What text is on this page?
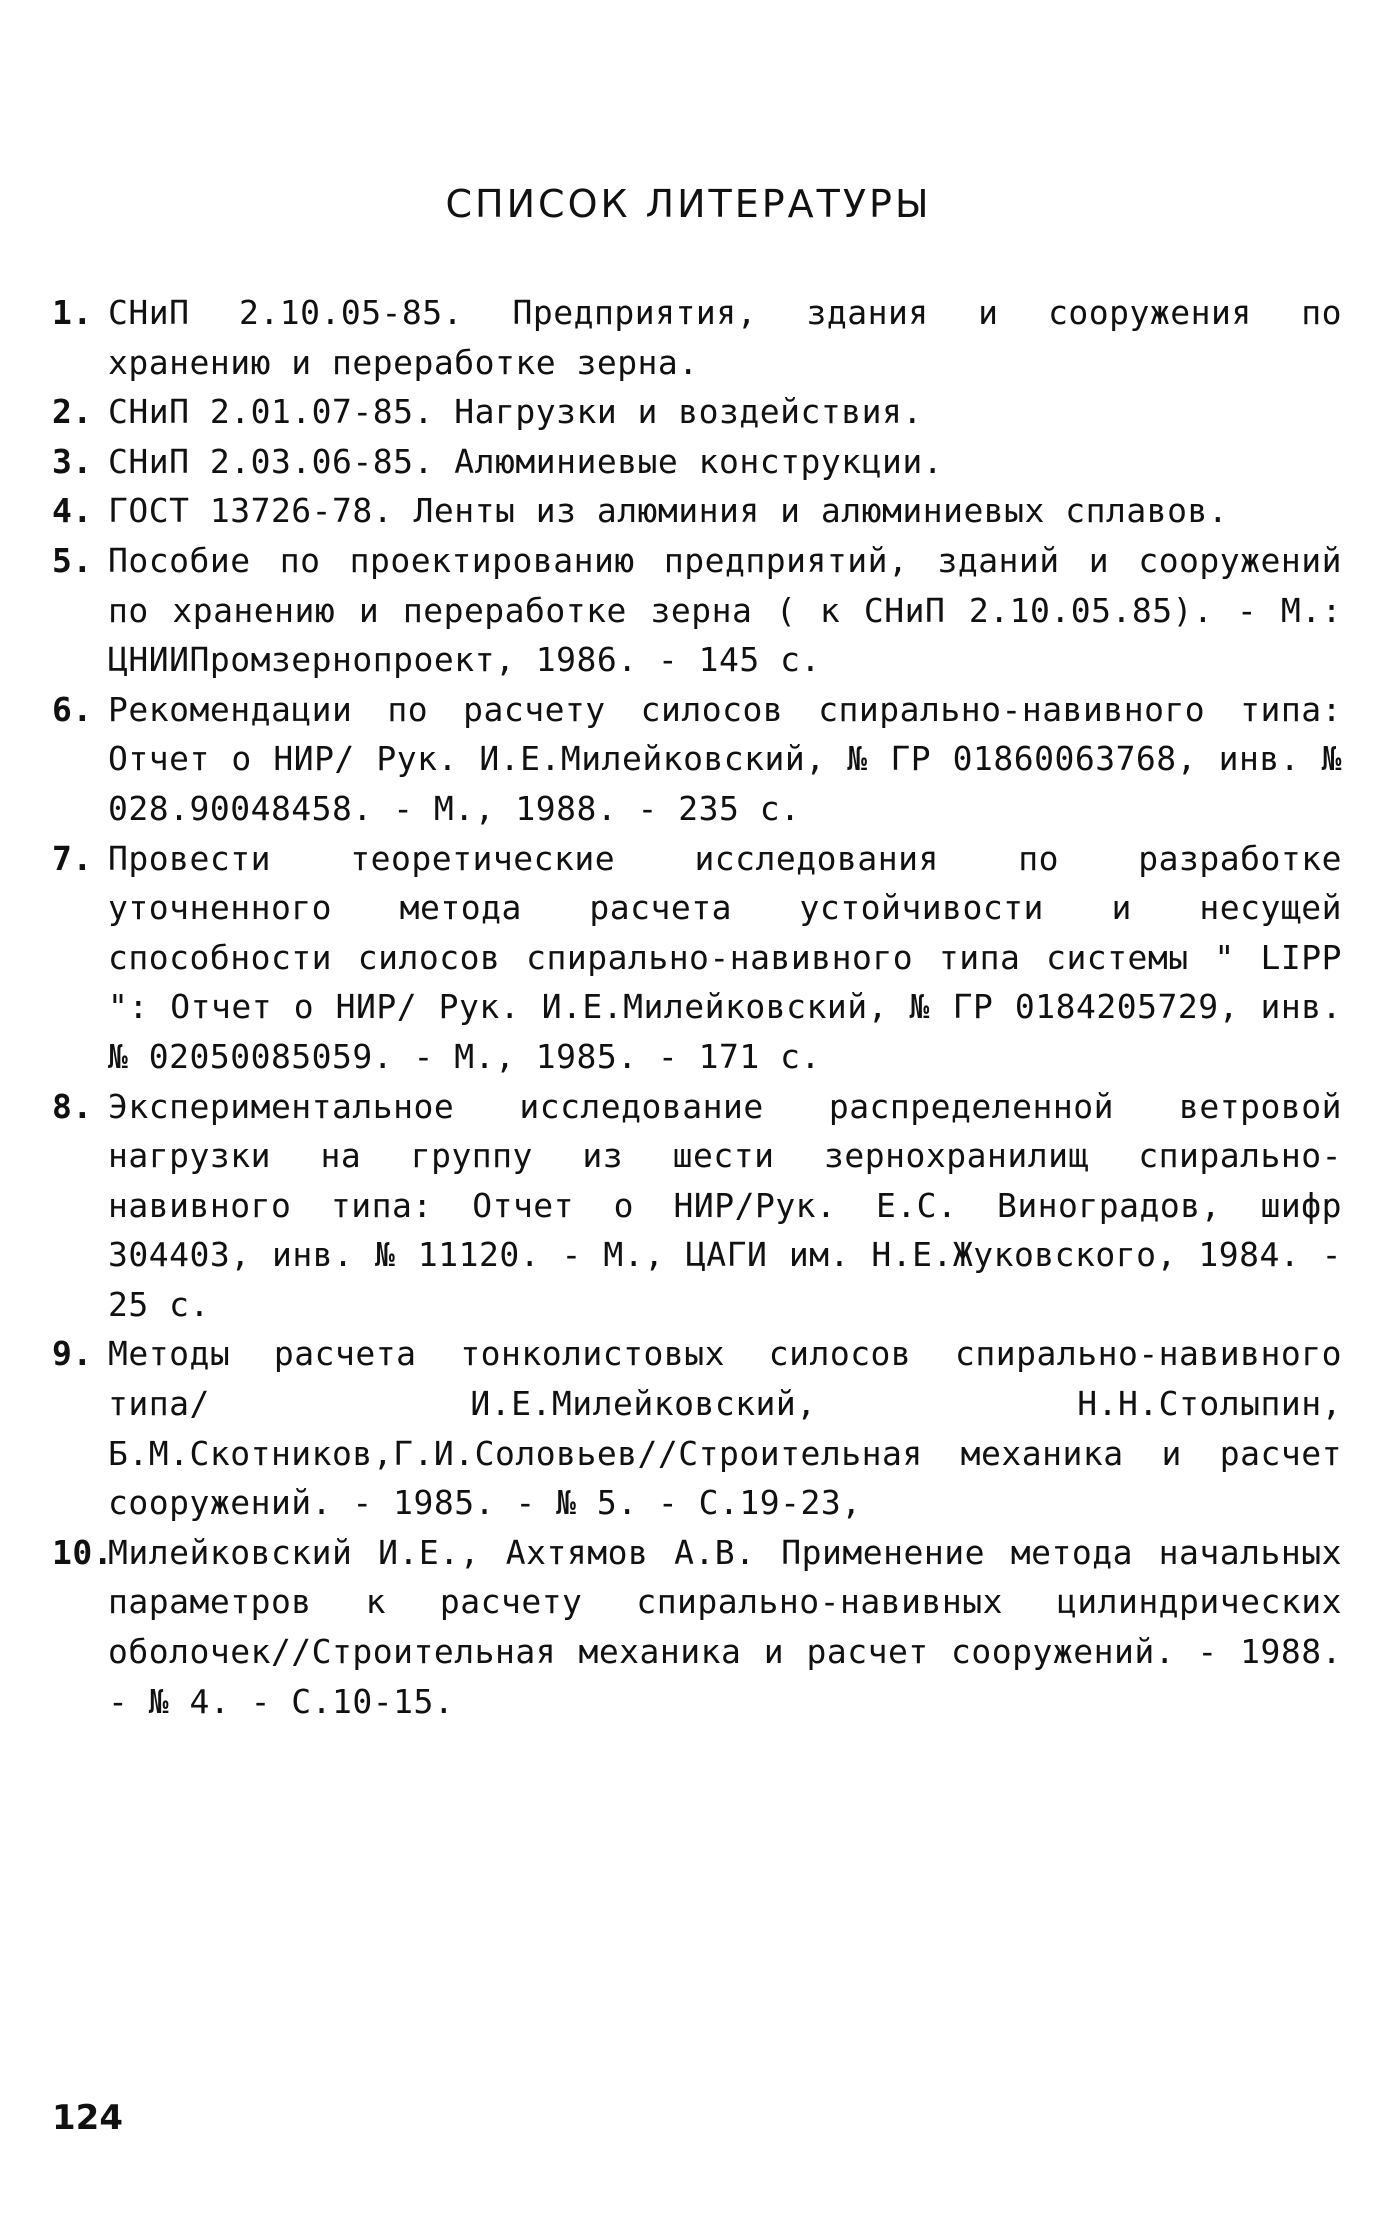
СПИСОК ЛИТЕРАТУРЫ
1. СНиП 2.10.05-85. Предприятия, здания и сооружения по хранению и переработке зерна.
2. СНиП 2.01.07-85. Нагрузки и воздействия.
3. СНиП 2.03.06-85. Алюминиевые конструкции.
4. ГОСТ 13726-78. Ленты из алюминия и алюминиевых сплавов.
5. Пособие по проектированию предприятий, зданий и сооружений по хранению и переработке зерна ( к СНиП 2.10.05.85). - М.: ЦНИИПромзернопроект, 1986. - 145 с.
6. Рекомендации по расчету силосов спирально-навивного типа: Отчет о НИР/ Рук. И.Е.Милейковский, № ГР 01860063768, инв. № 028.90048458. - М., 1988. - 235 с.
7. Провести теоретические исследования по разработке уточненного метода расчета устойчивости и несущей способности силосов спирально-навивного типа системы " LIPP ": Отчет о НИР/ Рук. И.Е.Милейковский, № ГР 0184205729, инв. № 02050085059. - М., 1985. - 171 с.
8. Экспериментальное исследование распределенной ветровой нагрузки на группу из шести зернохранилищ спирально-навивного типа: Отчет о НИР/Рук. Е.С. Виноградов, шифр 304403, инв. № 11120. - М., ЦАГИ им. Н.Е.Жуковского, 1984. - 25 с.
9. Методы расчета тонколистовых силосов спирально-навивного типа/ И.Е.Милейковский, Н.Н.Столыпин, Б.М.Скотников,Г.И.Соловьев//Строительная механика и расчет сооружений. - 1985. - № 5. - С.19-23,
10.
Милейковский И.Е., Ахтямов А.В. Применение метода начальных параметров к расчету спирально-навивных цилиндрических оболочек//Строительная механика и расчет сооружений. - 1988. - № 4. - С.10-15.
124
